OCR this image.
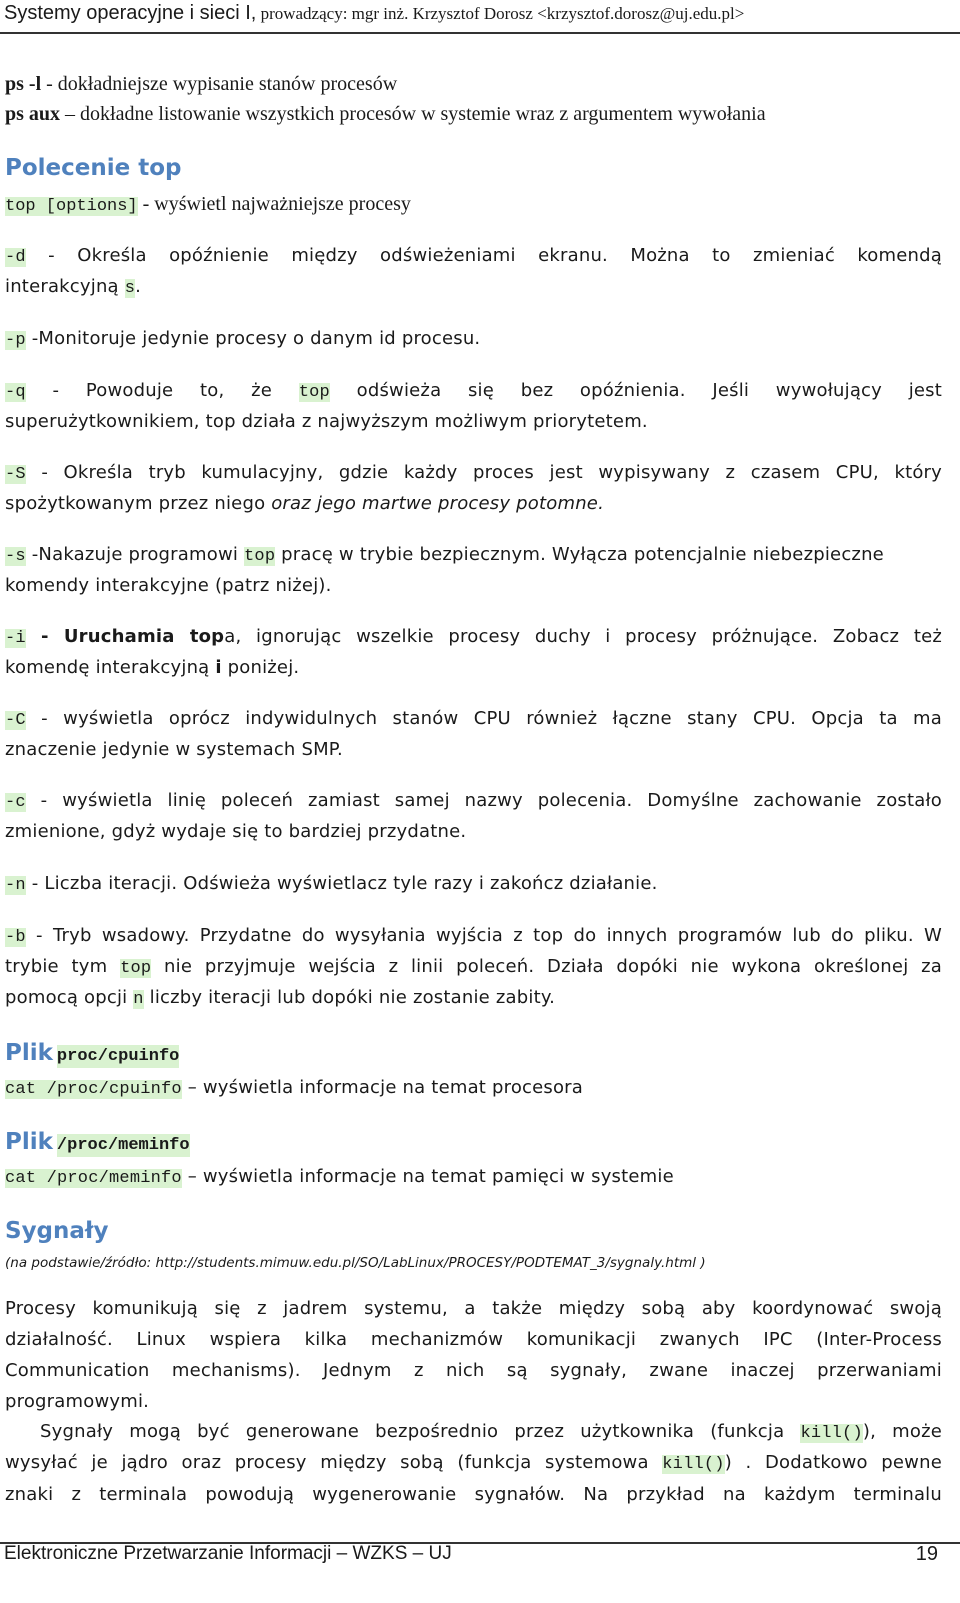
Systemy operacyjne i sieci I, prowadzący: mgr inż. Krzysztof Dorosz <krzysztof.dorosz@uj.edu.pl>
ps -l - dokładniejsze wypisanie stanów procesów
ps aux – dokładne listowanie wszystkich procesów w systemie wraz z argumentem wywołania
Polecenie top
top [options] - wyświetl najważniejsze procesy
-d - Określa opóźnienie między odświeżeniami ekranu. Można to zmieniać komendą
interakcyjną s.
-p -Monitoruje jedynie procesy o danym id procesu.
-q - Powoduje to, że top odświeża się bez opóźnienia. Jeśli wywołujący jest
superużytkownikiem, top działa z najwyższym możliwym priorytetem.
-S - Określa tryb kumulacyjny, gdzie każdy proces jest wypisywany z czasem CPU, który
spożytkowanym przez niego oraz jego martwe procesy potomne.
-s -Nakazuje programowi top pracę w trybie bezpiecznym. Wyłącza potencjalnie niebezpieczne
komendy interakcyjne (patrz niżej).
-i - Uruchamia topa, ignorując wszelkie procesy duchy i procesy próżnujące. Zobacz też
komendę interakcyjną i poniżej.
-C - wyświetla oprócz indywidulnych stanów CPU również łączne stany CPU. Opcja ta ma
znaczenie jedynie w systemach SMP.
-c - wyświetla linię poleceń zamiast samej nazwy polecenia. Domyślne zachowanie zostało
zmienione, gdyż wydaje się to bardziej przydatne.
-n - Liczba iteracji. Odświeża wyświetlacz tyle razy i zakończ działanie.
-b - Tryb wsadowy. Przydatne do wysyłania wyjścia z top do innych programów lub do pliku. W
trybie tym top nie przyjmuje wejścia z linii poleceń. Działa dopóki nie wykona określonej za
pomocą opcji n liczby iteracji lub dopóki nie zostanie zabity.
Plik proc/cpuinfo
cat /proc/cpuinfo – wyświetla informacje na temat procesora
Plik /proc/meminfo
cat /proc/meminfo – wyświetla informacje na temat pamięci w systemie
Sygnały
(na podstawie/źródło: http://students.mimuw.edu.pl/SO/LabLinux/PROCESY/PODTEMAT_3/sygnaly.html )
Procesy komunikują się z jadrem systemu, a także między sobą aby koordynować swoją
działalność. Linux wspiera kilka mechanizmów komunikacji zwanych IPC (Inter-Process
Communication mechanisms). Jednym z nich są sygnały, zwane inaczej przerwaniami
programowymi.
Sygnały mogą być generowane bezpośrednio przez użytkownika (funkcja kill()), może
wysyłać je jądro oraz procesy między sobą (funkcja systemowa kill()) . Dodatkowo pewne
znaki z terminala powodują wygenerowanie sygnałów. Na przykład na każdym terminalu
Elektroniczne Przetwarzanie Informacji – WZKS – UJ	19
